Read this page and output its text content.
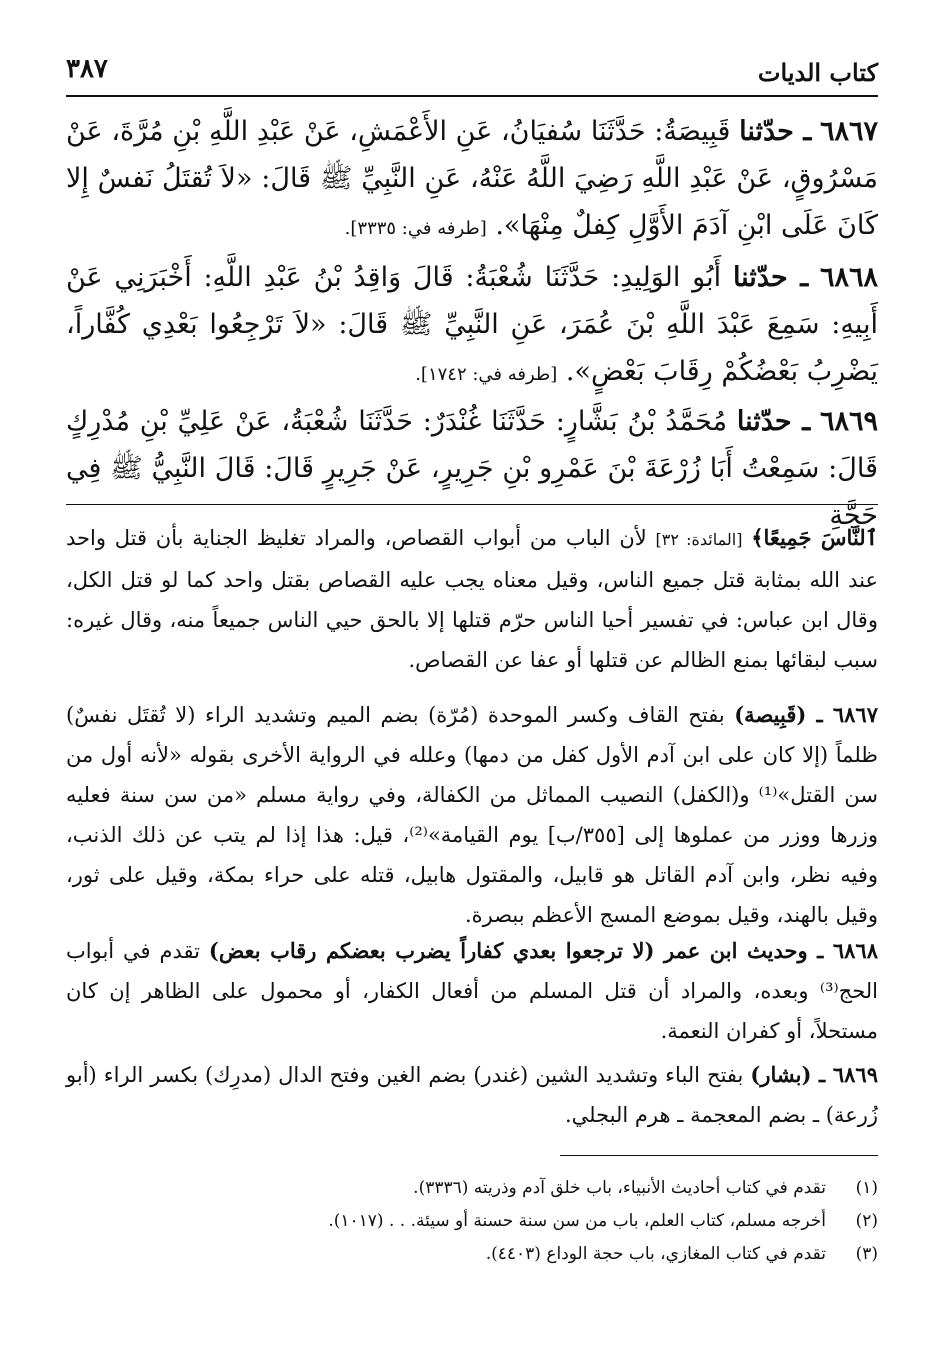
كتاب الديات
٣٨٧
٦٨٦٧ ـ حدّثنا قَبِيصَةُ: حَدَّثَنَا سُفيَانُ، عَنِ الأَعْمَشِ، عَنْ عَبْدِ اللَّهِ بْنِ مُرَّةَ، عَنْ مَسْرُوقٍ، عَنْ عَبْدِ اللَّهِ رَضِيَ اللَّهُ عَنْهُ، عَنِ النَّبِيِّ ﷺ قَالَ: «لاَ تُقتَلُ نَفسٌ إِلا كَانَ عَلَى ابْنِ آدَمَ الأَوَّلِ كِفلٌ مِنْهَا». [طرفه في: ٣٣٣٥].
٦٨٦٨ ـ حدّثنا أَبُو الوَلِيدِ: حَدَّثَنَا شُعْبَةُ: قَالَ وَاقِدُ بْنُ عَبْدِ اللَّهِ: أَخْبَرَنِي عَنْ أَبِيهِ: سَمِعَ عَبْدَ اللَّهِ بْنَ عُمَرَ، عَنِ النَّبِيِّ ﷺ قَالَ: «لاَ تَرْجِعُوا بَعْدِي كُفَّاراً، يَضْرِبُ بَعْضُكُمْ رِقَابَ بَعْضٍ». [طرفه في: ١٧٤٢].
٦٨٦٩ ـ حدّثنا مُحَمَّدُ بْنُ بَشَّارٍ: حَدَّثَنَا غُنْدَرٌ: حَدَّثَنَا شُعْبَةُ، عَنْ عَلِيِّ بْنِ مُدْرِكٍ قَالَ: سَمِعْتُ أَبَا زُرْعَةَ بْنَ عَمْرِو بْنِ جَرِيرٍ، عَنْ جَرِيرٍ قَالَ: قَالَ النَّبِيُّ ﷺ فِي حَجَّةِ
ٱلنَّاسَ جَمِيعًا﴾ [المائدة: ٣٢] لأن الباب من أبواب القصاص، والمراد تغليظ الجناية بأن قتل واحد عند الله بمثابة قتل جميع الناس، وقيل معناه يجب عليه القصاص بقتل واحد كما لو قتل الكل، وقال ابن عباس: في تفسير أحيا الناس حرّم قتلها إلا بالحق حيي الناس جميعاً منه، وقال غيره: سبب لبقائها بمنع الظالم عن قتلها أو عفا عن القصاص.
٦٨٦٧ ـ (قَبِيصة) بفتح القاف وكسر الموحدة (مُرّة) بضم الميم وتشديد الراء (لا تُقتَل نفسٌ) ظلماً (إلا كان على ابن آدم الأول كفل من دمها) وعلله في الرواية الأخرى بقوله «لأنه أول من سن القتل»⁽¹⁾ و(الكفل) النصيب المماثل من الكفالة، وفي رواية مسلم «من سن سنة فعليه وزرها ووزر من عملوها إلى [٣٥٥/ب] يوم القيامة»⁽²⁾، قيل: هذا إذا لم يتب عن ذلك الذنب، وفيه نظر، وابن آدم القاتل هو قابيل، والمقتول هابيل، قتله على حراء بمكة، وقيل على ثور، وقيل بالهند، وقيل بموضع المسج الأعظم ببصرة.
٦٨٦٨ ـ وحديث ابن عمر (لا ترجعوا بعدي كفاراً يضرب بعضكم رقاب بعض) تقدم في أبواب الحج⁽³⁾ وبعده، والمراد أن قتل المسلم من أفعال الكفار، أو محمول على الظاهر إن كان مستحلاً، أو كفران النعمة.
٦٨٦٩ ـ (بشار) بفتح الباء وتشديد الشين (غندر) بضم الغين وفتح الدال (مدرِك) بكسر الراء (أبو زُرعة) ـ بضم المعجمة ـ هرم البجلي.
(١)
تقدم في كتاب أحاديث الأنبياء، باب خلق آدم وذريته (٣٣٣٦).
(٢)
أخرجه مسلم، كتاب العلم، باب من سن سنة حسنة أو سيئة. . . (١٠١٧).
(٣)
تقدم في كتاب المغازي، باب حجة الوداع (٤٤٠٣).
